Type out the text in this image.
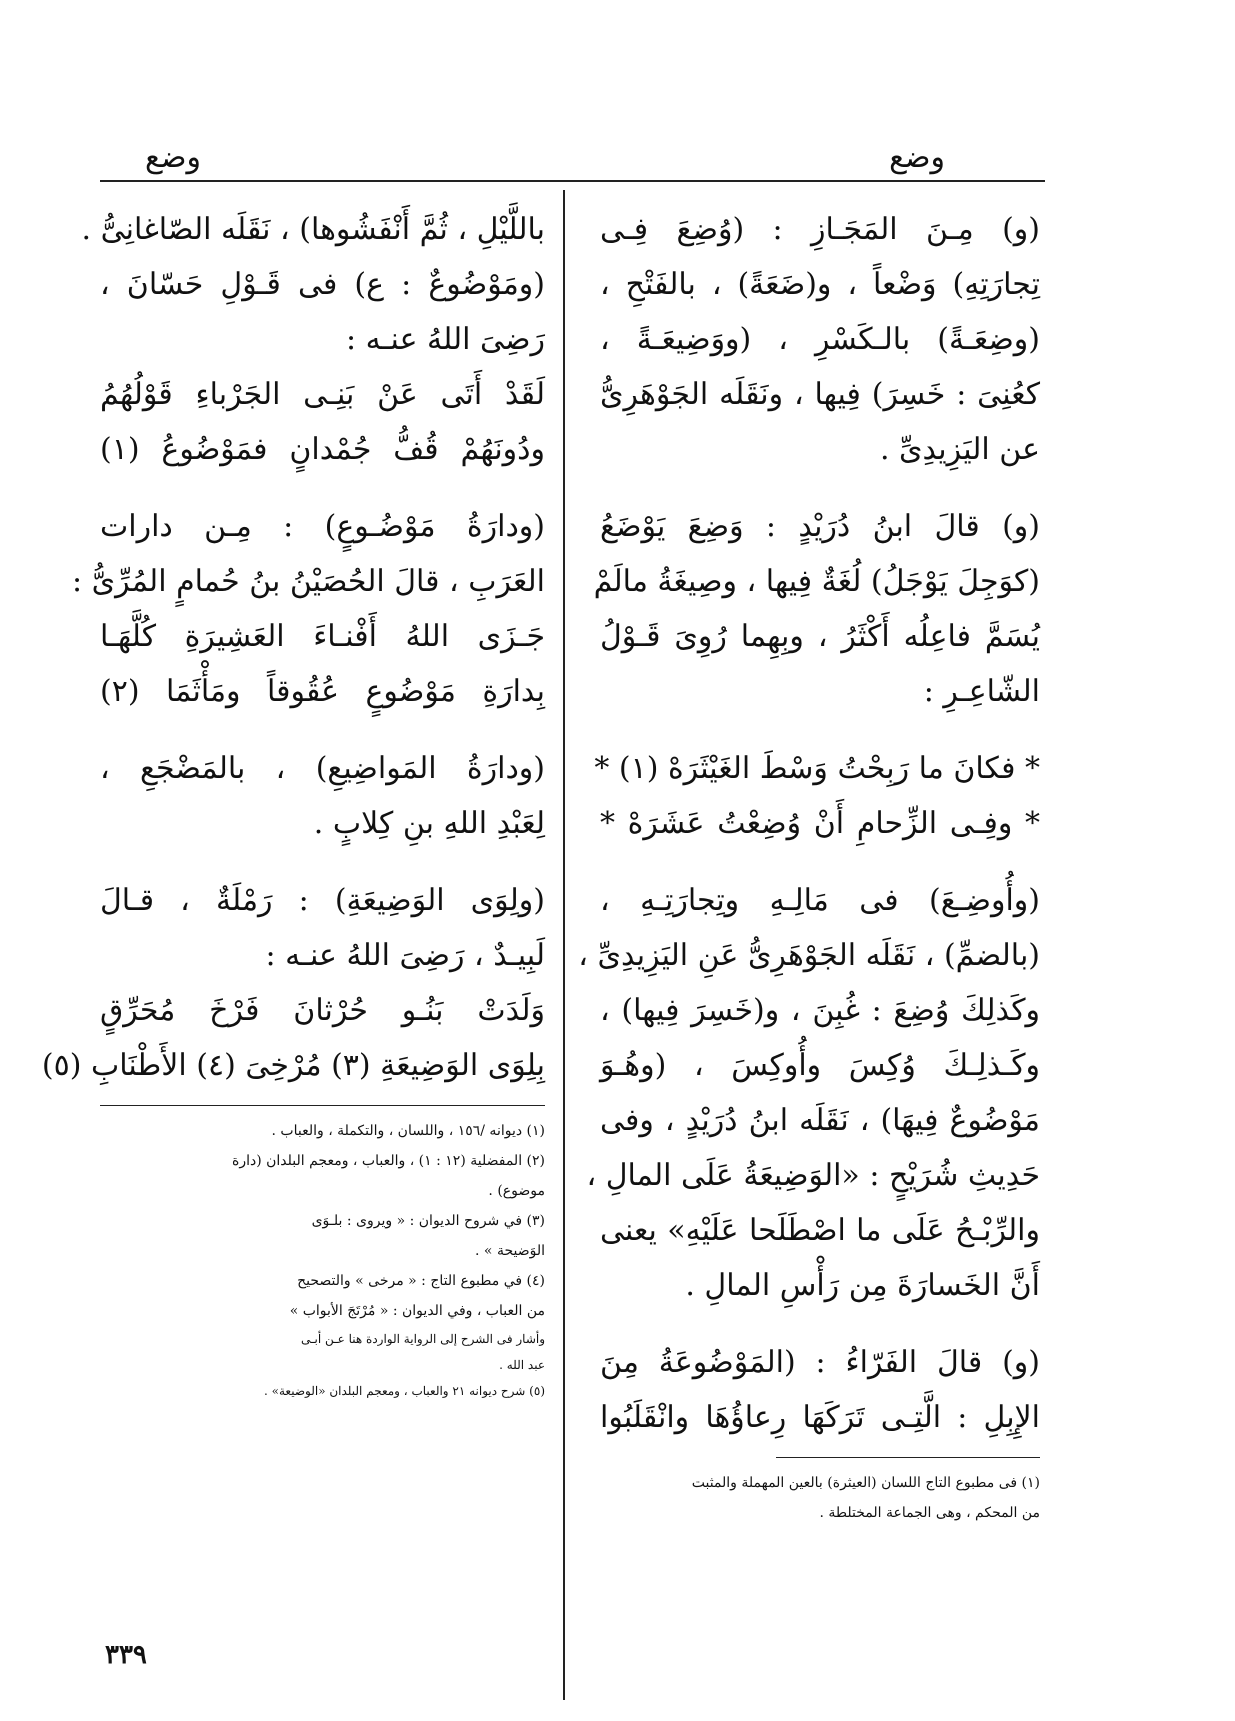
وضع
وضع
(و) مِـنَ المَجَـازِ : (وُضِعَ فِـى
تِجارَتِهِ) وَضْعاً ، و(ضَعَةً) ، بالفَتْحِ ،
(وضِعَـةً) بالـكَسْرِ ، (ووَضِيعَـةً ،
كعُنِىَ : خَسِرَ) فِيها ، ونَقَلَه الجَوْهَرِىُّ
عن اليَزِيدِىِّ .
(و) قالَ ابنُ دُرَيْدٍ : وَضِعَ يَوْضَعُ
(كوَجِلَ يَوْجَلُ) لُغَةٌ فِيها ، وصِيغَةُ مالَمْ
يُسَمَّ فاعِلُه أَكْثَرُ ، وبِهِما رُوِىَ قَـوْلُ
الشّاعِـرِ :
* فكانَ ما رَبِحْتُ وَسْطَ الغَيْثَرَهْ (١) *
* وفِـى الزِّحامِ أَنْ وُضِعْتُ عَشَرَهْ *
(وأُوضِـعَ) فى مَالِـهِ وتِجارَتِـهِ ،
(بالضمِّ) ، نَقَلَه الجَوْهَرِىُّ عَنِ اليَزِيدِىِّ ،
وكَذلِكَ وُضِعَ : غُبِنَ ، و(خَسِرَ فِيها) ،
وكَـذلِـكَ وُكِسَ وأُوكِسَ ، (وهُـوَ
مَوْضُوعٌ فِيهَا) ، نَقَلَه ابنُ دُرَيْدٍ ، وفى
حَدِيثِ شُرَيْحٍ : «الوَضِيعَةُ عَلَى المالِ ،
والرِّبْـحُ عَلَى ما اصْطَلَحا عَلَيْهِ» يعنى
أَنَّ الخَسارَةَ مِن رَأْسِ المالِ .
(و) قالَ الفَرّاءُ : (المَوْضُوعَةُ مِنَ
الإِبِلِ : الَّتِـى تَرَكَهَا رِعاؤُهَا وانْقَلَبُوا
(١) فى مطبوع التاج اللسان (العيثرة) بالعين المهملة والمثبت
من المحكم ، وهى الجماعة المختلطة .
باللَّيْلِ ، ثُمَّ أَنْفَشُوها) ، نَقَلَه الصّاغانِىُّ .
(ومَوْضُوعٌ : ع) فى قَـوْلِ حَسّانَ ،
رَضِىَ اللهُ عنـه :
لَقَدْ أَتَى عَنْ بَنِـى الجَرْباءِ قَوْلُهُمُ
ودُونَهُمْ قُفُّ جُمْدانٍ فمَوْضُوعُ (١)
(ودارَةُ مَوْضُـوعٍ) : مِـن دارات
العَرَبِ ، قالَ الحُصَيْنُ بنُ حُمامٍ المُرِّىُّ :
جَـزَى اللهُ أَفْنـاءَ العَشِيرَةِ كُلَّهَـا
بِدارَةِ مَوْضُوعٍ عُقُوقاً ومَأْثَمَا (٢)
(ودارَةُ المَواضِيعِ) ، بالمَضْجَعِ ،
لِعَبْدِ اللهِ بنِ كِلابٍ .
(ولِوَى الوَضِيعَةِ) : رَمْلَةٌ ، قـالَ
لَبِيـدٌ ، رَضِىَ اللهُ عنـه :
وَلَدَتْ بَنُـو حُرْثانَ فَرْخَ مُحَرِّقٍ
بِلِوَى الوَضِيعَةِ (٣) مُرْخِىَ (٤) الأَطْنَابِ (٥)
(١) ديوانه /١٥٦ ، واللسان ، والتكملة ، والعباب .
(٢) المفضلية (١٢ : ١) ، والعباب ، ومعجم البلدان (دارة
موضوع) .
(٣) في شروح الديوان : « ويروى : بلـوَى
الوَضيحة » .
(٤) في مطبوع التاج : « مرخى » والتصحيح
من العباب ، وفي الديوان : « مُرْتَجَ الأبواب »
وأشار فى الشرح إلى الرواية الواردة هنا عـن أبـى
عبد الله .
(٥) شرح ديوانه ٢١ والعباب ، ومعجم البلدان «الوضيعة» .
٣٣٩
